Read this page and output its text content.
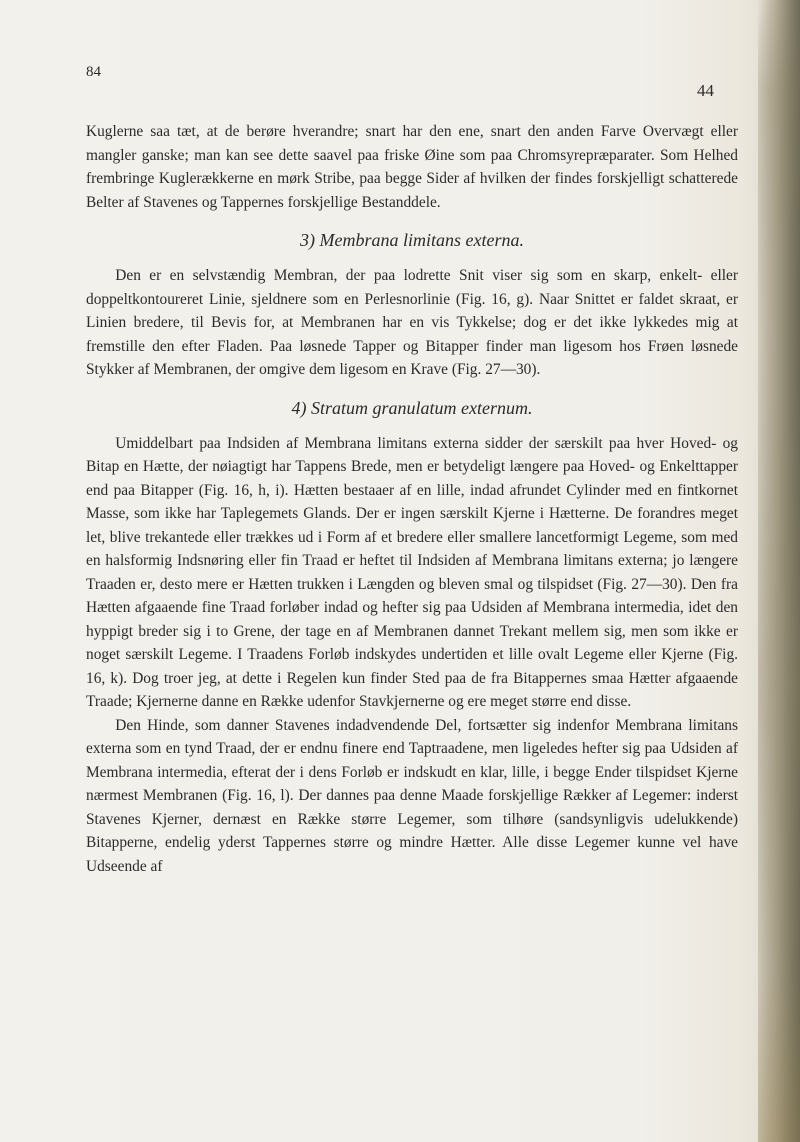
84
44

Kuglerne saa tæt, at de berøre hverandre; snart har den ene, snart den anden Farve Overvægt eller mangler ganske; man kan see dette saavel paa friske Øine som paa Chromsyrepræparater. Som Helhed frembringe Kuglerækkerne en mørk Stribe, paa begge Sider af hvilken der findes forskjelligt schatterede Belter af Stavenes og Tappernes forskjellige Bestanddele.

3) Membrana limitans externa.

Den er en selvstændig Membran, der paa lodrette Snit viser sig som en skarp, enkelt- eller doppeltkontoureret Linie, sjeldnere som en Perlesnorlinie (Fig. 16, g). Naar Snittet er faldet skraat, er Linien bredere, til Bevis for, at Membranen har en vis Tykkelse; dog er det ikke lykkedes mig at fremstille den efter Fladen. Paa løsnede Tapper og Bitapper finder man ligesom hos Frøen løsnede Stykker af Membranen, der omgive dem ligesom en Krave (Fig. 27—30).

4) Stratum granulatum externum.

Umiddelbart paa Indsiden af Membrana limitans externa sidder der særskilt paa hver Hoved- og Bitap en Hætte, der nøiagtigt har Tappens Brede, men er betydeligt længere paa Hoved- og Enkelttapper end paa Bitapper (Fig. 16, h, i). Hætten bestaaer af en lille, indad afrundet Cylinder med en fintkornet Masse, som ikke har Taplegemets Glands. Der er ingen særskilt Kjerne i Hætterne. De forandres meget let, blive trekantede eller trækkes ud i Form af et bredere eller smallere lancetformigt Legeme, som med en halsformig Indsnøring eller fin Traad er heftet til Indsiden af Membrana limitans externa; jo længere Traaden er, desto mere er Hætten trukken i Længden og bleven smal og tilspidset (Fig. 27—30). Den fra Hætten afgaaende fine Traad forløber indad og hefter sig paa Udsiden af Membrana intermedia, idet den hyppigt breder sig i to Grene, der tage en af Membranen dannet Trekant mellem sig, men som ikke er noget særskilt Legeme. I Traadens Forløb indskydes undertiden et lille ovalt Legeme eller Kjerne (Fig. 16, k). Dog troer jeg, at dette i Regelen kun finder Sted paa de fra Bitappernes smaa Hætter afgaaende Traade; Kjernerne danne en Række udenfor Stavkjernerne og ere meget større end disse.

Den Hinde, som danner Stavenes indadvendende Del, fortsætter sig indenfor Membrana limitans externa som en tynd Traad, der er endnu finere end Taptraadene, men ligeledes hefter sig paa Udsiden af Membrana intermedia, efterat der i dens Forløb er indskudt en klar, lille, i begge Ender tilspidset Kjerne nærmest Membranen (Fig. 16, l). Der dannes paa denne Maade forskjellige Rækker af Legemer: inderst Stavenes Kjerner, dernæst en Række større Legemer, som tilhøre (sandsynligvis udelukkende) Bitapperne, endelig yderst Tappernes større og mindre Hætter. Alle disse Legemer kunne vel have Udseende af
